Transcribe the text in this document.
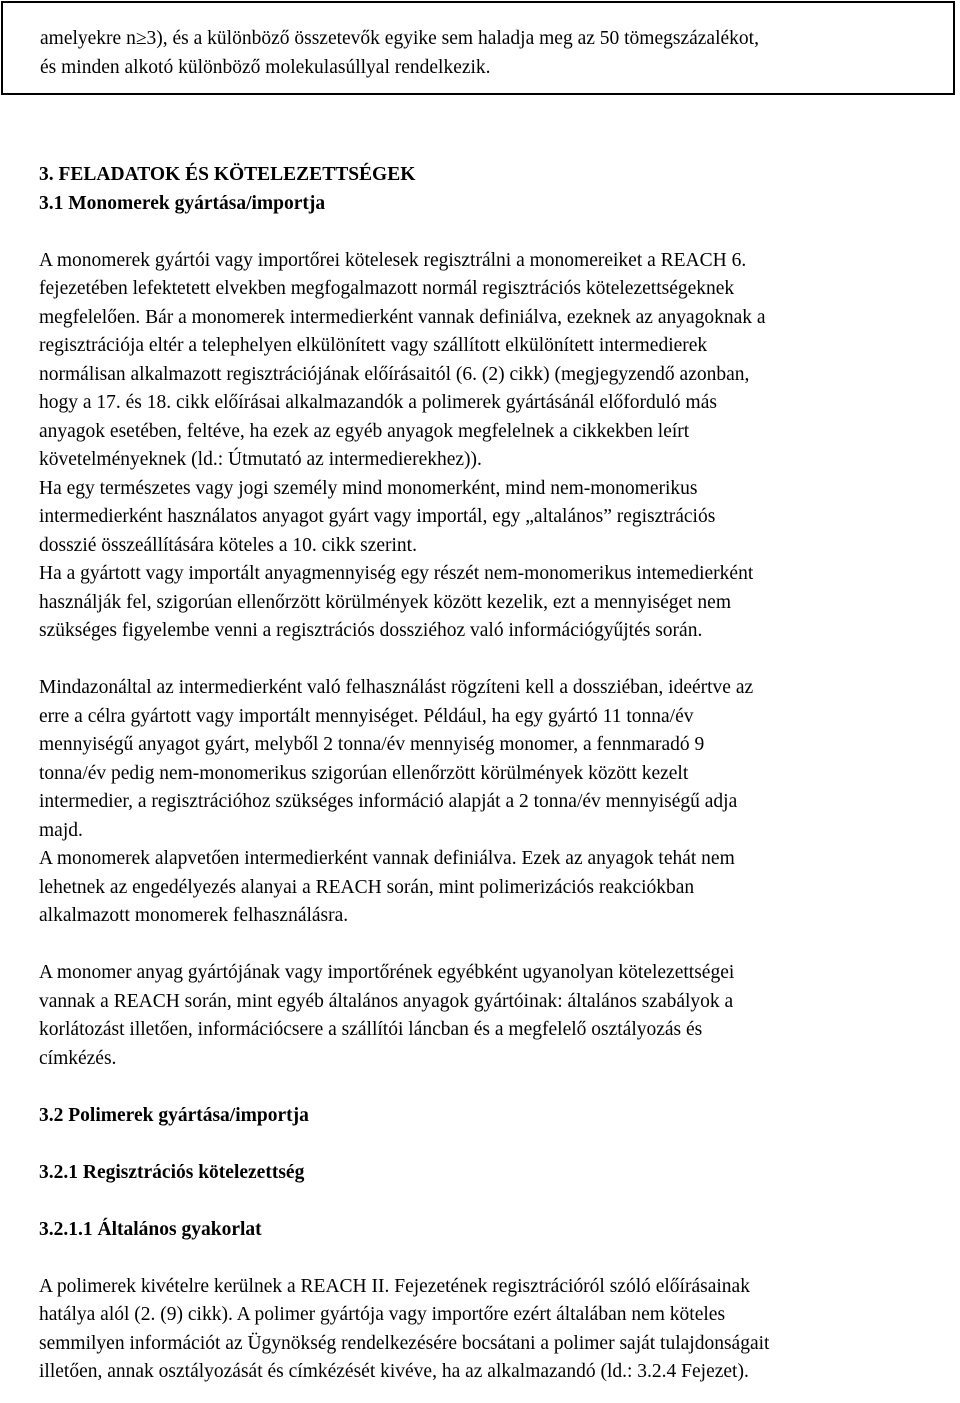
amelyekre n≥3), és a különböző összetevők egyike sem haladja meg az 50 tömegszázalékot,
és minden alkotó különböző molekulasúllyal rendelkezik.
3. FELADATOK ÉS KÖTELEZETTSÉGEK
3.1 Monomerek gyártása/importja
A monomerek gyártói vagy importőrei kötelesek regisztrálni a monomereiket a REACH 6.
fejezetében lefektetett elvekben megfogalmazott normál regisztrációs kötelezettségeknek
megfelelően. Bár a monomerek intermedierként vannak definiálva, ezeknek az anyagoknak a
regisztrációja eltér a telephelyen elkülönített vagy szállított elkülönített intermedierek
normálisan alkalmazott regisztrációjának előírásaitól (6. (2) cikk) (megjegyzendő azonban,
hogy a 17. és 18. cikk előírásai alkalmazandók a polimerek gyártásánál előforduló más
anyagok esetében, feltéve, ha ezek az egyéb anyagok megfelelnek a cikkekben leírt
követelményeknek (ld.: Útmutató az intermedierekhez)).
Ha egy természetes vagy jogi személy mind monomerként, mind nem-monomerikus
intermedierként használatos anyagot gyárt vagy importál, egy „altalános” regisztrációs
dosszié összeállítására köteles a 10. cikk szerint.
Ha a gyártott vagy importált anyagmennyiség egy részét nem-monomerikus intemedierként
használják fel, szigorúan ellenőrzött körülmények között kezelik, ezt a mennyiséget nem
szükséges figyelembe venni a regisztrációs dossziéhoz való információgyűjtés során.
Mindazonáltal az intermedierként való felhasználást rögzíteni kell a dossziéban, ideértve az
erre a célra gyártott vagy importált mennyiséget. Például, ha egy gyártó 11 tonna/év
mennyiségű anyagot gyárt, melyből 2 tonna/év mennyiség monomer, a fennmaradó 9
tonna/év pedig nem-monomerikus szigorúan ellenőrzött körülmények között kezelt
intermedier, a regisztrációhoz szükséges információ alapját a 2 tonna/év mennyiségű adja
majd.
A monomerek alapvetően intermedierként vannak definiálva. Ezek az anyagok tehát nem
lehetnek az engedélyezés alanyai a REACH során, mint polimerizációs reakciókban
alkalmazott monomerek felhasználásra.
A monomer anyag gyártójának vagy importőrének egyébként ugyanolyan kötelezettségei
vannak a REACH során, mint egyéb általános anyagok gyártóinak: általános szabályok a
korlátozást illetően, információcsere a szállítói láncban és a megfelelő osztályozás és
címkézés.
3.2 Polimerek gyártása/importja
3.2.1 Regisztrációs kötelezettség
3.2.1.1 Általános gyakorlat
A polimerek kivételre kerülnek a REACH II. Fejezetének regisztrációról szóló előírásainak
hatálya alól (2. (9) cikk). A polimer gyártója vagy importőre ezért általában nem köteles
semmilyen információt az Ügynökség rendelkezésére bocsátani a polimer saját tulajdonságait
illetően, annak osztályozását és címkézését kivéve, ha az alkalmazandó (ld.: 3.2.4 Fejezet).
